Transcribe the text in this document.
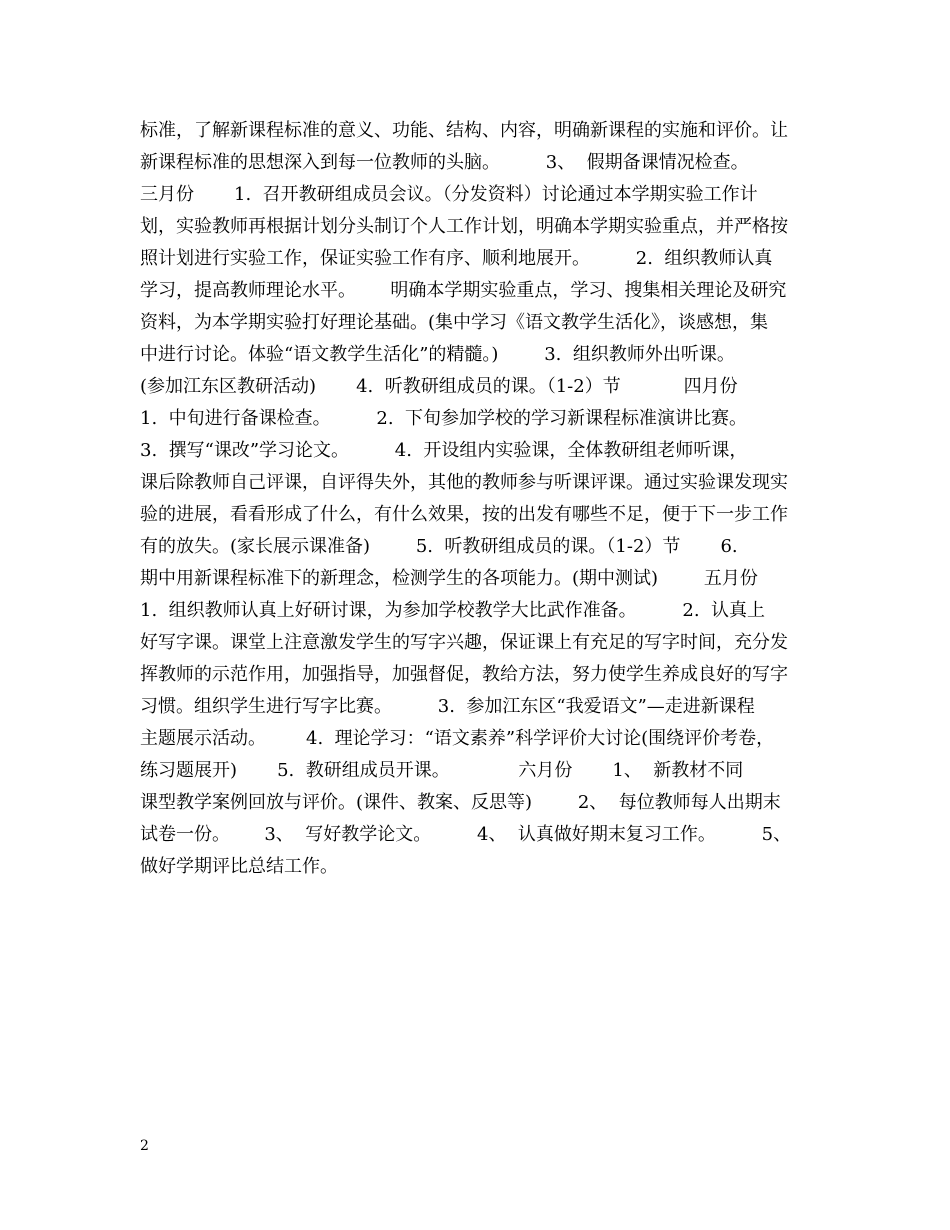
标准，了解新课程标准的意义、功能、结构、内容，明确新课程的实施和评价。让
新课程标准的思想深入到每一位教师的头脑。        3、  假期备课情况检查。
三月份       1.  召开教研组成员会议。（分发资料）讨论通过本学期实验工作计
划，实验教师再根据计划分头制订个人工作计划，明确本学期实验重点，并严格按
照计划进行实验工作，保证实验工作有序、顺利地展开。        2.  组织教师认真
学习，提高教师理论水平。      明确本学期实验重点，学习、搜集相关理论及研究
资料，为本学期实验打好理论基础。(集中学习《语文教学生活化》，谈感想，集
中进行讨论。体验“语文教学生活化”的精髓。)        3.  组织教师外出听课。
(参加江东区教研活动)       4.  听教研组成员的课。（1-2）节           四月份
1.  中旬进行备课检查。        2.  下旬参加学校的学习新课程标准演讲比赛。
3.  撰写“课改”学习论文。        4.  开设组内实验课，全体教研组老师听课，
课后除教师自己评课，自评得失外，其他的教师参与听课评课。通过实验课发现实
验的进展，看看形成了什么，有什么效果，按的出发有哪些不足，便于下一步工作
有的放失。(家长展示课准备)        5.  听教研组成员的课。（1-2）节       6.
期中用新课程标准下的新理念，检测学生的各项能力。(期中测试)        五月份
1.  组织教师认真上好研讨课，为参加学校教学大比武作准备。        2.  认真上
好写字课。课堂上注意激发学生的写字兴趣，保证课上有充足的写字时间，充分发
挥教师的示范作用，加强指导，加强督促，教给方法，努力使学生养成良好的写字
习惯。组织学生进行写字比赛。        3.  参加江东区“我爱语文”—走进新课程
主题展示活动。       4.  理论学习：“语文素养”科学评价大讨论(围绕评价考卷，
练习题展开)       5.  教研组成员开课。            六月份       1、  新教材不同
课型教学案例回放与评价。(课件、教案、反思等)        2、  每位教师每人出期末
试卷一份。      3、  写好教学论文。        4、  认真做好期末复习工作。        5、
做好学期评比总结工作。
2
